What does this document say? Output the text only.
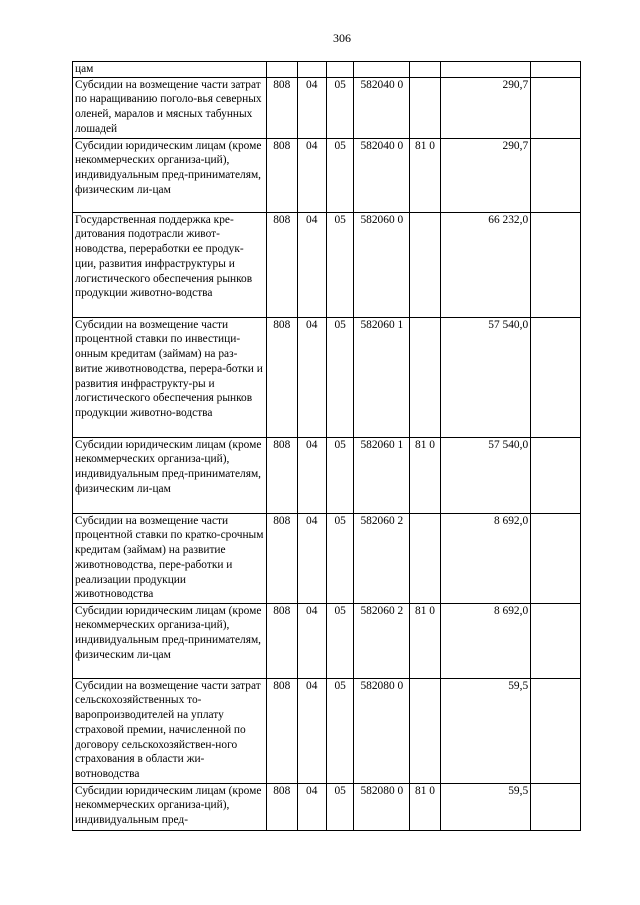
306
цам							
Субсидии на возмещение части затрат по наращиванию поголо-вья северных оленей, маралов и мясных табунных лошадей	808	04	05	582040 0		290,7	
Субсидии юридическим лицам (кроме некоммерческих организа-ций), индивидуальным пред-принимателям, физическим ли-цам	808	04	05	582040 0	81 0	290,7	
Государственная поддержка кре-дитования подотрасли живот-новодства, переработки ее продук-ции, развития инфраструктуры и логистического обеспечения рынков продукции животно-водства	808	04	05	582060 0		66 232,0	
Субсидии на возмещение части процентной ставки по инвестици-онным кредитам (займам) на раз-витие животноводства, перера-ботки и развития инфраструкту-ры и логистического обеспечения рынков продукции животно-водства	808	04	05	582060 1		57 540,0	
Субсидии юридическим лицам (кроме некоммерческих организа-ций), индивидуальным пред-принимателям, физическим ли-цам	808	04	05	582060 1	81 0	57 540,0	
Субсидии на возмещение части процентной ставки по кратко-срочным кредитам (займам) на развитие животноводства, пере-работки и реализации продукции животноводства	808	04	05	582060 2		8 692,0	
Субсидии юридическим лицам (кроме некоммерческих организа-ций), индивидуальным пред-принимателям, физическим ли-цам	808	04	05	582060 2	81 0	8 692,0	
Субсидии на возмещение части затрат сельскохозяйственных то-варопроизводителей на уплату страховой премии, начисленной по договору сельскохозяйствен-ного страхования в области жи-вотноводства	808	04	05	582080 0		59,5	
Субсидии юридическим лицам (кроме некоммерческих организа-ций), индивидуальным пред-	808	04	05	582080 0	81 0	59,5	
